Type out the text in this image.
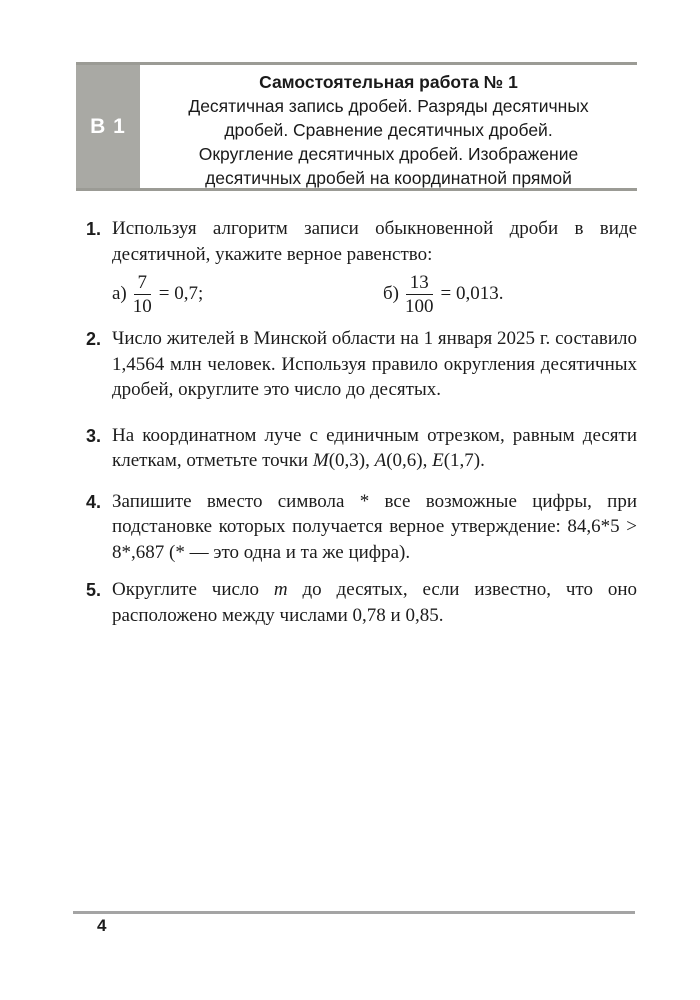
В 1
Самостоятельная работа № 1
Десятичная запись дробей. Разряды десятичных
дробей. Сравнение десятичных дробей.
Округление десятичных дробей. Изображение
десятичных дробей на координатной прямой
1. Используя алгоритм записи обыкновенной дроби в виде десятичной, укажите верное равенство:
$а) \frac{7}{10} = 0,7$;	$б) \frac{13}{100} = 0,013$.
2. Число жителей в Минской области на 1 января 2025 г. составило 1,4564 млн человек. Используя правило округления десятичных дробей, округлите это число до десятых.
3. На координатном луче с единичным отрезком, равным десяти клеткам, отметьте точки M(0,3), A(0,6), E(1,7).
4. Запишите вместо символа * все возможные цифры, при подстановке которых получается верное утверждение: 84,6*5 > 8*,687 (* — это одна и та же цифра).
5. Округлите число m до десятых, если известно, что оно расположено между числами 0,78 и 0,85.
4
